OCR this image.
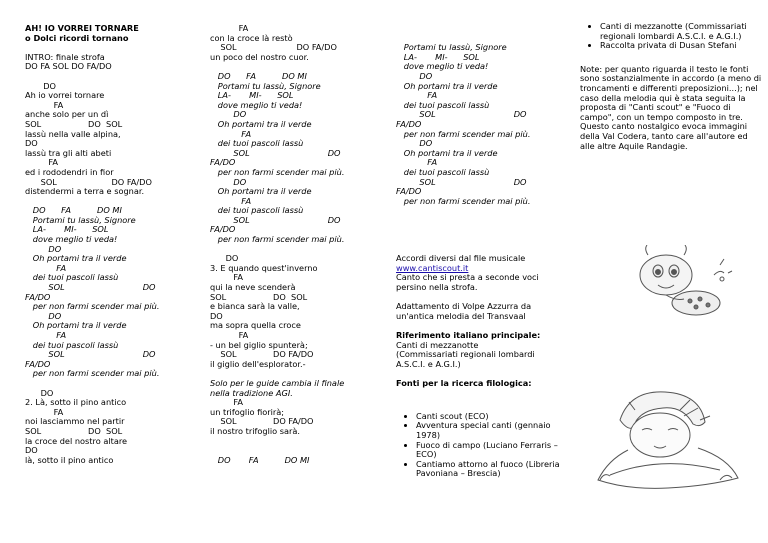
AH! IO VORREI TORNARE
o Dolci ricordi tornano
INTRO: finale strofa
DO FA SOL DO FA/DO
DO
Ah io vorrei tornare
FA
anche solo per un dì
SOL                  DO  SOL
lassù nella valle alpina,
DO
lassù tra gli alti abeti
FA
ed i rododendri in fior
SOL                     DO FA/DO
distendermi a terra e sognar.
DO      FA          DO MI
Portami tu lassù, Signore
LA-       MI-      SOL
dove meglio ti veda!
DO
Oh portami tra il verde
FA
dei tuoi pascoli lassù
SOL                              DO
FA/DO
per non farmi scender mai più.
DO
Oh portami tra il verde
FA
dei tuoi pascoli lassù
SOL                              DO
FA/DO
per non farmi scender mai più.
DO
2. Là, sotto il pino antico
FA
noi lasciammo nel partir
SOL                  DO  SOL
la croce del nostro altare
DO
là, sotto il pino antico
FA
con la croce là restò
SOL                       DO FA/DO
un poco del nostro cuor.
DO      FA          DO MI
Portami tu lassù, Signore
LA-       MI-      SOL
dove meglio ti veda!
DO
Oh portami tra il verde
FA
dei tuoi pascoli lassù
SOL                              DO
FA/DO
per non farmi scender mai più.
DO
Oh portami tra il verde
FA
dei tuoi pascoli lassù
SOL                              DO
FA/DO
per non farmi scender mai più.
DO
3. E quando quest'inverno
FA
qui la neve scenderà
SOL                  DO  SOL
e bianca sarà la valle,
DO
ma sopra quella croce
FA
- un bel giglio spunterà;
SOL              DO FA/DO
il giglio dell'esplorator.-
Solo per le guide cambia il finale
nella tradizione AGI.
FA
un trifoglio fiorirà;
SOL              DO FA/DO
il nostro trifoglio sarà.
DO       FA          DO MI

Portami tu lassù, Signore
LA-       MI-      SOL
dove meglio ti veda!
DO
Oh portami tra il verde
FA
dei tuoi pascoli lassù
SOL                              DO
FA/DO
per non farmi scender mai più.
DO
Oh portami tra il verde
FA
dei tuoi pascoli lassù
SOL                              DO
FA/DO
per non farmi scender mai più.
Accordi diversi dal file musicale
www.cantiscout.it
Canto che si presta a seconde voci
persino nella strofa.
Adattamento di Volpe Azzurra da
un'antica melodia del Transvaal
Riferimento italiano principale:
Canti di mezzanotte
(Commissariati regionali lombardi
A.S.C.I. e A.G.I.)
Fonti per la ricerca filologica:

• Canti scout (ECO)
• Avventura special canti (gennaio 1978)
• Fuoco di campo (Luciano Ferraris – ECO)
• Cantiamo attorno al fuoco (Libreria Pavoniana – Brescia)

• Canti di mezzanotte (Commissariati regionali lombardi A.S.C.I. e A.G.I.)
• Raccolta privata di Dusan Stefani
Note: per quanto riguarda il testo le fonti sono sostanzialmente in accordo (a meno di troncamenti e differenti preposizioni...); nel caso della melodia qui è stata seguita la proposta di "Canti scout" e "Fuoco di campo", con un tempo composto in tre. Questo canto nostalgico evoca immagini della Val Codera, tanto care all'autore ed alle altre Aquile Randagie.
